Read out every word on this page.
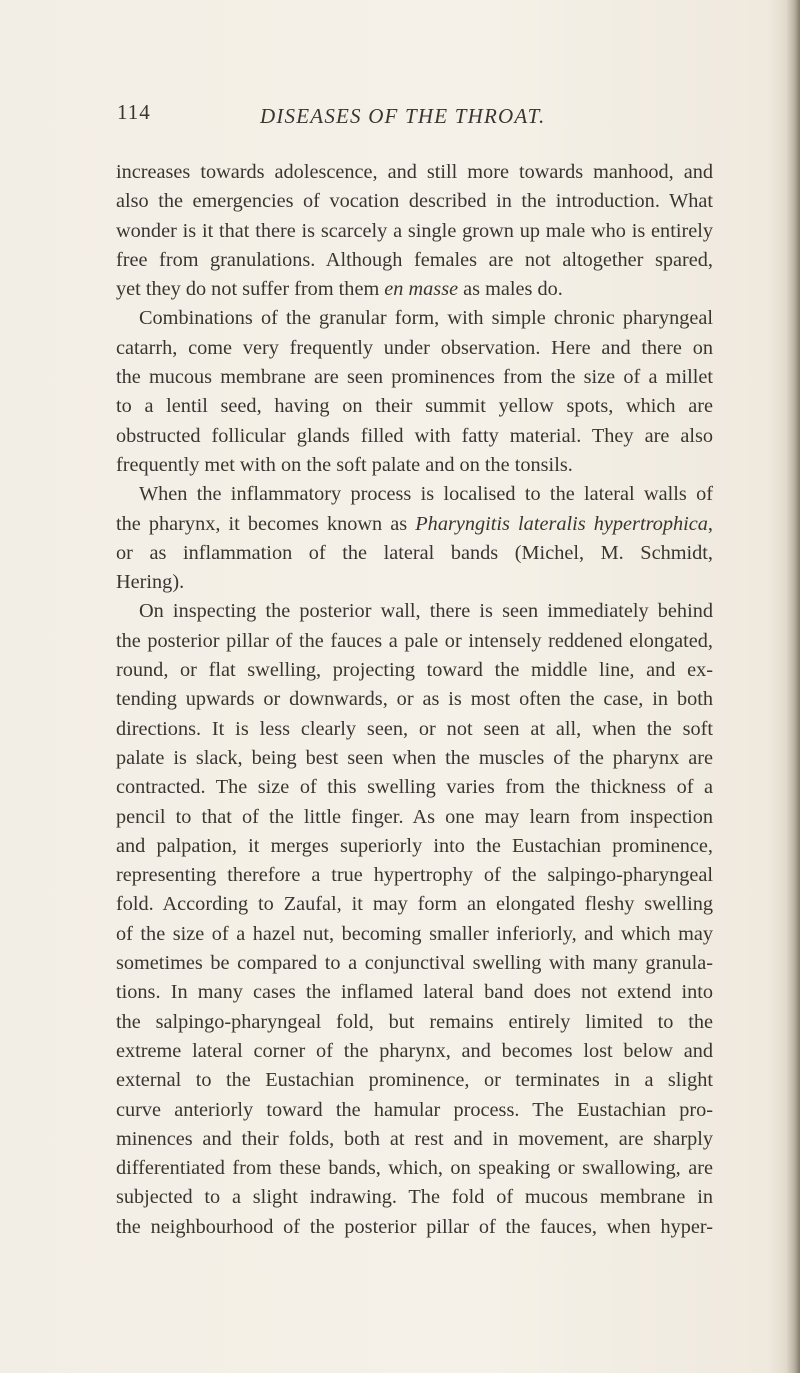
114	DISEASES OF THE THROAT.
increases towards adolescence, and still more towards manhood, and
also the emergencies of vocation described in the introduction. What
wonder is it that there is scarcely a single grown up male who is entirely
free from granulations. Although females are not altogether spared,
yet they do not suffer from them en masse as males do.
Combinations of the granular form, with simple chronic pharyngeal
catarrh, come very frequently under observation. Here and there on
the mucous membrane are seen prominences from the size of a millet
to a lentil seed, having on their summit yellow spots, which are
obstructed follicular glands filled with fatty material. They are also
frequently met with on the soft palate and on the tonsils.
When the inflammatory process is localised to the lateral walls of
the pharynx, it becomes known as Pharyngitis lateralis hypertrophica,
or as inflammation of the lateral bands (Michel, M. Schmidt,
Hering).
On inspecting the posterior wall, there is seen immediately behind
the posterior pillar of the fauces a pale or intensely reddened elongated,
round, or flat swelling, projecting toward the middle line, and ex-
tending upwards or downwards, or as is most often the case, in both
directions. It is less clearly seen, or not seen at all, when the soft
palate is slack, being best seen when the muscles of the pharynx are
contracted. The size of this swelling varies from the thickness of a
pencil to that of the little finger. As one may learn from inspection
and palpation, it merges superiorly into the Eustachian prominence,
representing therefore a true hypertrophy of the salpingo-pharyngeal
fold. According to Zaufal, it may form an elongated fleshy swelling
of the size of a hazel nut, becoming smaller inferiorly, and which may
sometimes be compared to a conjunctival swelling with many granula-
tions. In many cases the inflamed lateral band does not extend into
the salpingo-pharyngeal fold, but remains entirely limited to the
extreme lateral corner of the pharynx, and becomes lost below and
external to the Eustachian prominence, or terminates in a slight
curve anteriorly toward the hamular process. The Eustachian pro-
minences and their folds, both at rest and in movement, are sharply
differentiated from these bands, which, on speaking or swallowing, are
subjected to a slight indrawing. The fold of mucous membrane in
the neighbourhood of the posterior pillar of the fauces, when hyper-
